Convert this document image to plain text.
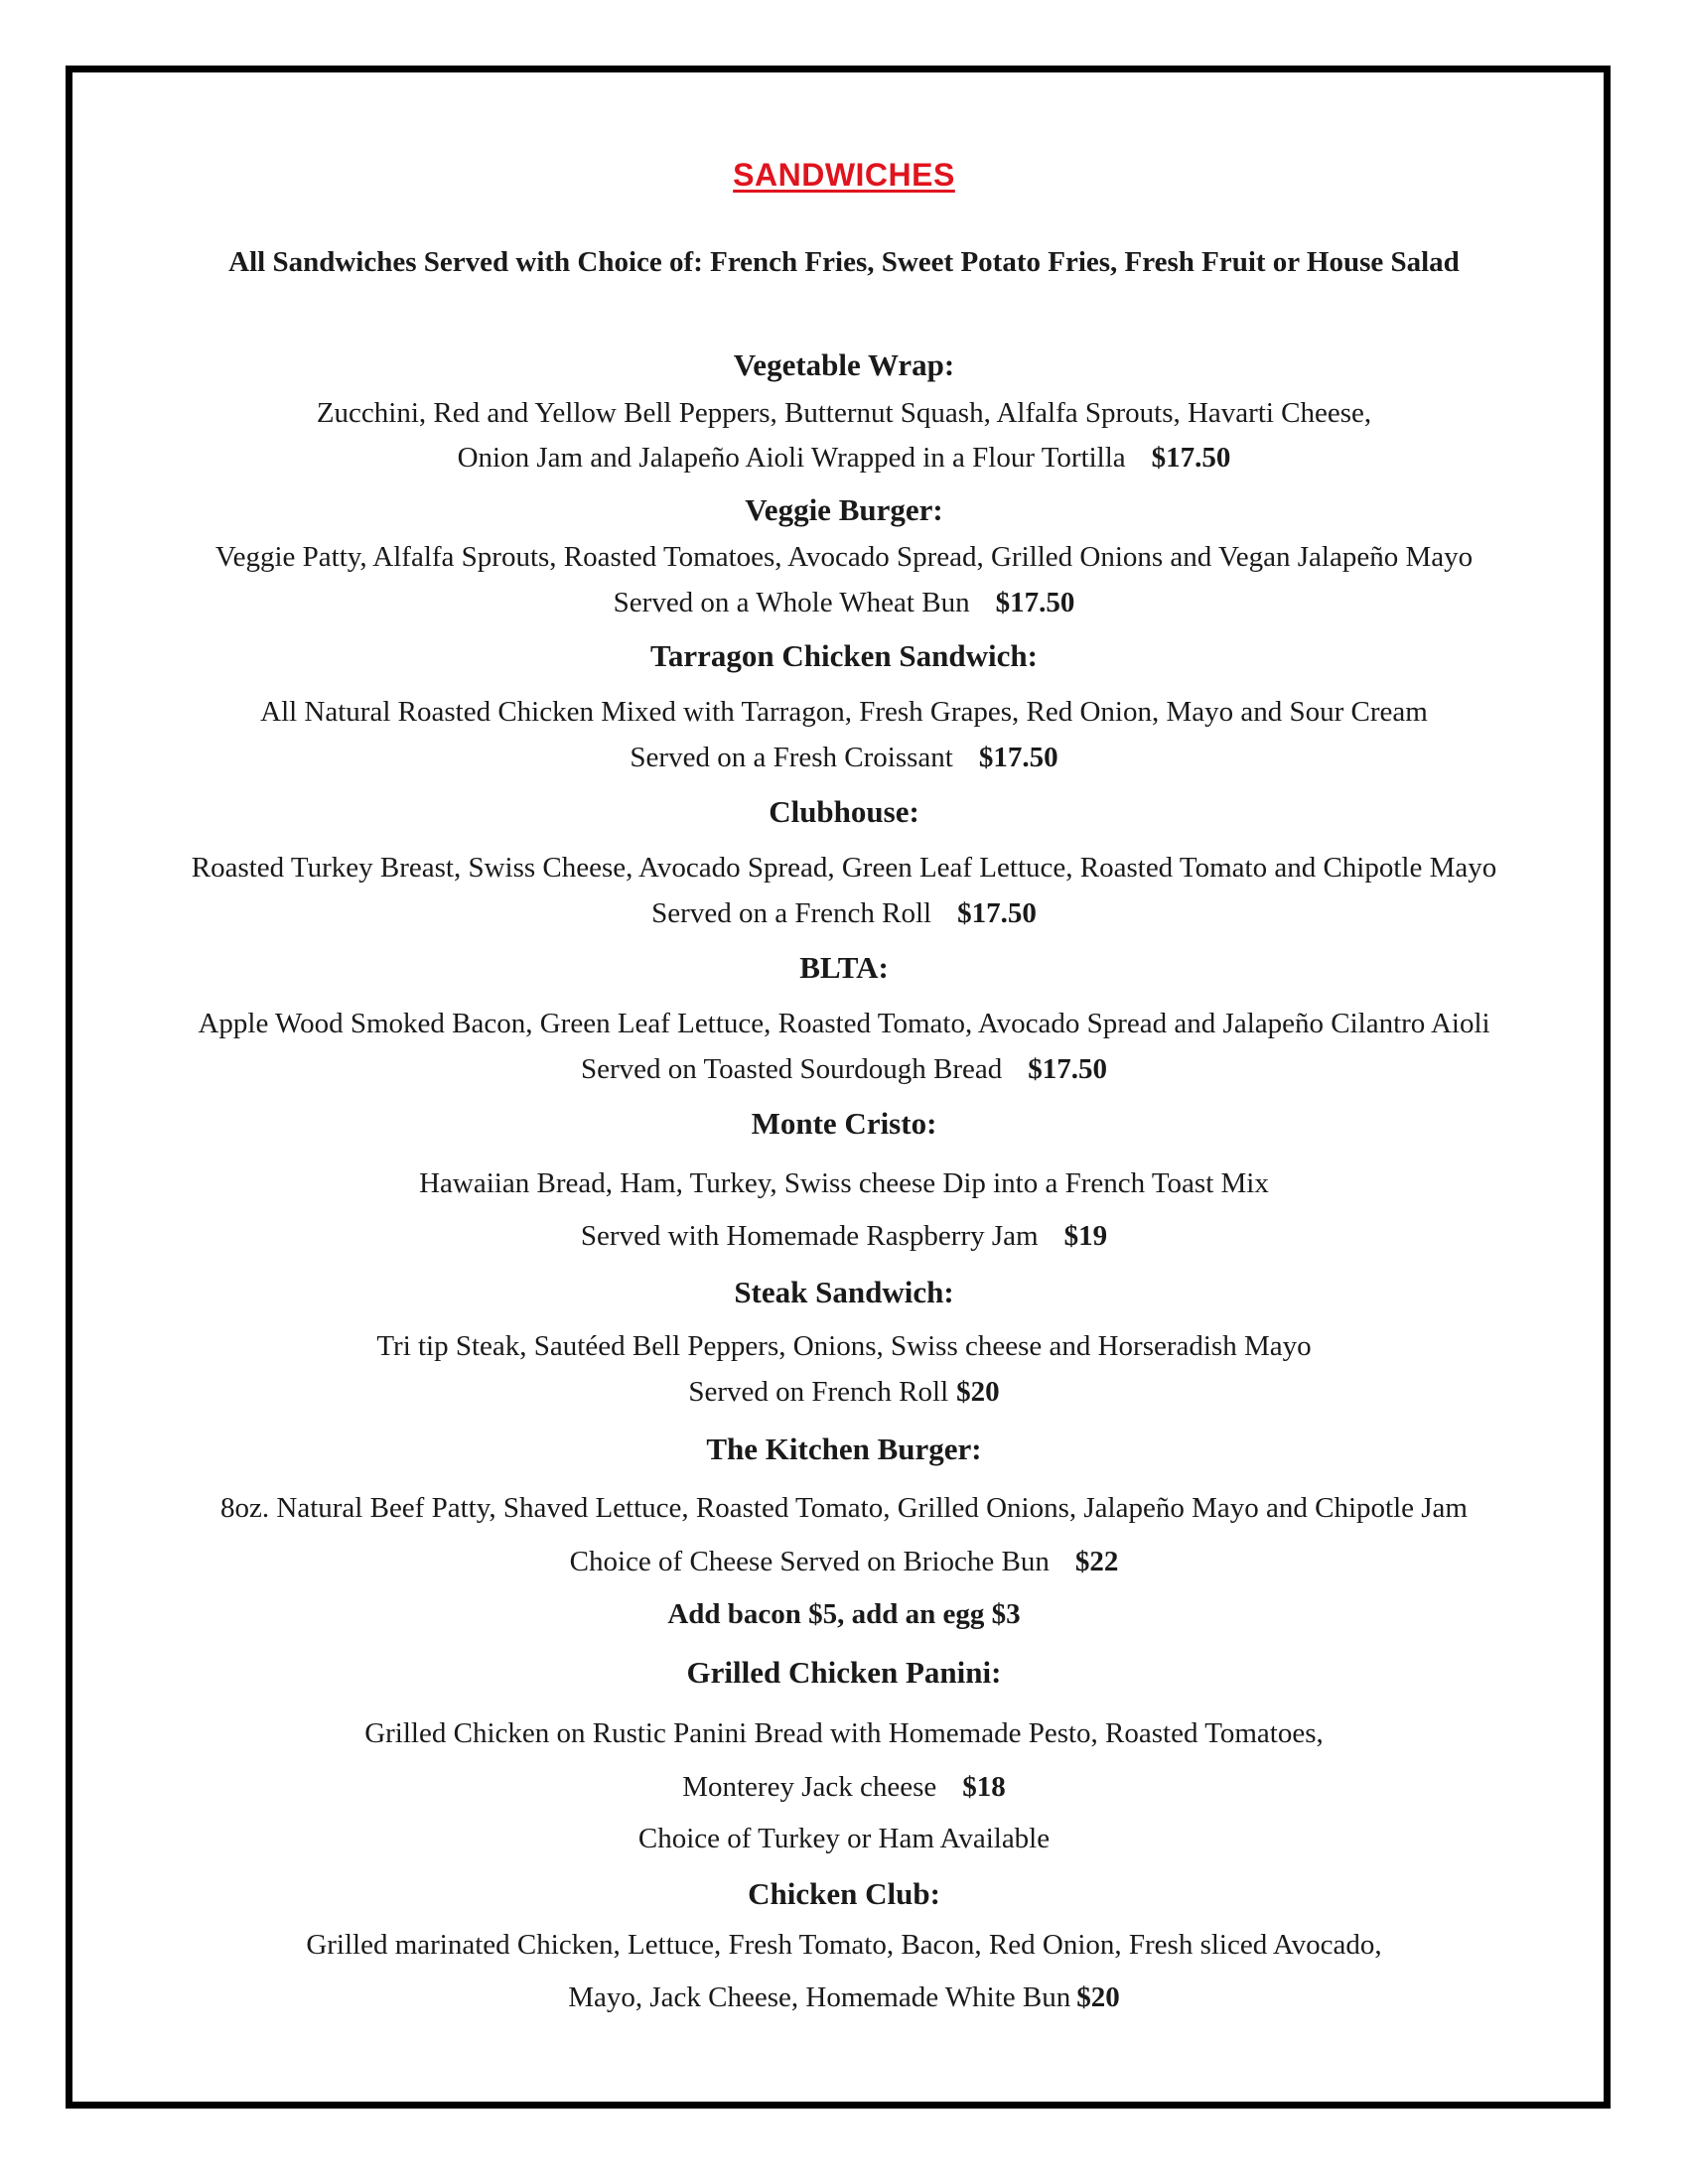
SANDWICHES
All Sandwiches Served with Choice of: French Fries, Sweet Potato Fries, Fresh Fruit or House Salad
Vegetable Wrap:
Zucchini, Red and Yellow Bell Peppers, Butternut Squash, Alfalfa Sprouts, Havarti Cheese,
Onion Jam and Jalapeño Aioli Wrapped in a Flour Tortilla $17.50
Veggie Burger:
Veggie Patty, Alfalfa Sprouts, Roasted Tomatoes, Avocado Spread, Grilled Onions and Vegan Jalapeño Mayo
Served on a Whole Wheat Bun $17.50
Tarragon Chicken Sandwich:
All Natural Roasted Chicken Mixed with Tarragon, Fresh Grapes, Red Onion, Mayo and Sour Cream
Served on a Fresh Croissant $17.50
Clubhouse:
Roasted Turkey Breast, Swiss Cheese, Avocado Spread, Green Leaf Lettuce, Roasted Tomato and Chipotle Mayo
Served on a French Roll $17.50
BLTA:
Apple Wood Smoked Bacon, Green Leaf Lettuce, Roasted Tomato, Avocado Spread and Jalapeño Cilantro Aioli
Served on Toasted Sourdough Bread $17.50
Monte Cristo:
Hawaiian Bread, Ham, Turkey, Swiss cheese Dip into a French Toast Mix
Served with Homemade Raspberry Jam $19
Steak Sandwich:
Tri tip Steak, Sautéed Bell Peppers, Onions, Swiss cheese and Horseradish Mayo
Served on French Roll $20
The Kitchen Burger:
8oz. Natural Beef Patty, Shaved Lettuce, Roasted Tomato, Grilled Onions, Jalapeño Mayo and Chipotle Jam
Choice of Cheese Served on Brioche Bun $22
Add bacon $5, add an egg $3
Grilled Chicken Panini:
Grilled Chicken on Rustic Panini Bread with Homemade Pesto, Roasted Tomatoes,
Monterey Jack cheese $18
Choice of Turkey or Ham Available
Chicken Club:
Grilled marinated Chicken, Lettuce, Fresh Tomato, Bacon, Red Onion, Fresh sliced Avocado,
Mayo, Jack Cheese, Homemade White Bun $20
